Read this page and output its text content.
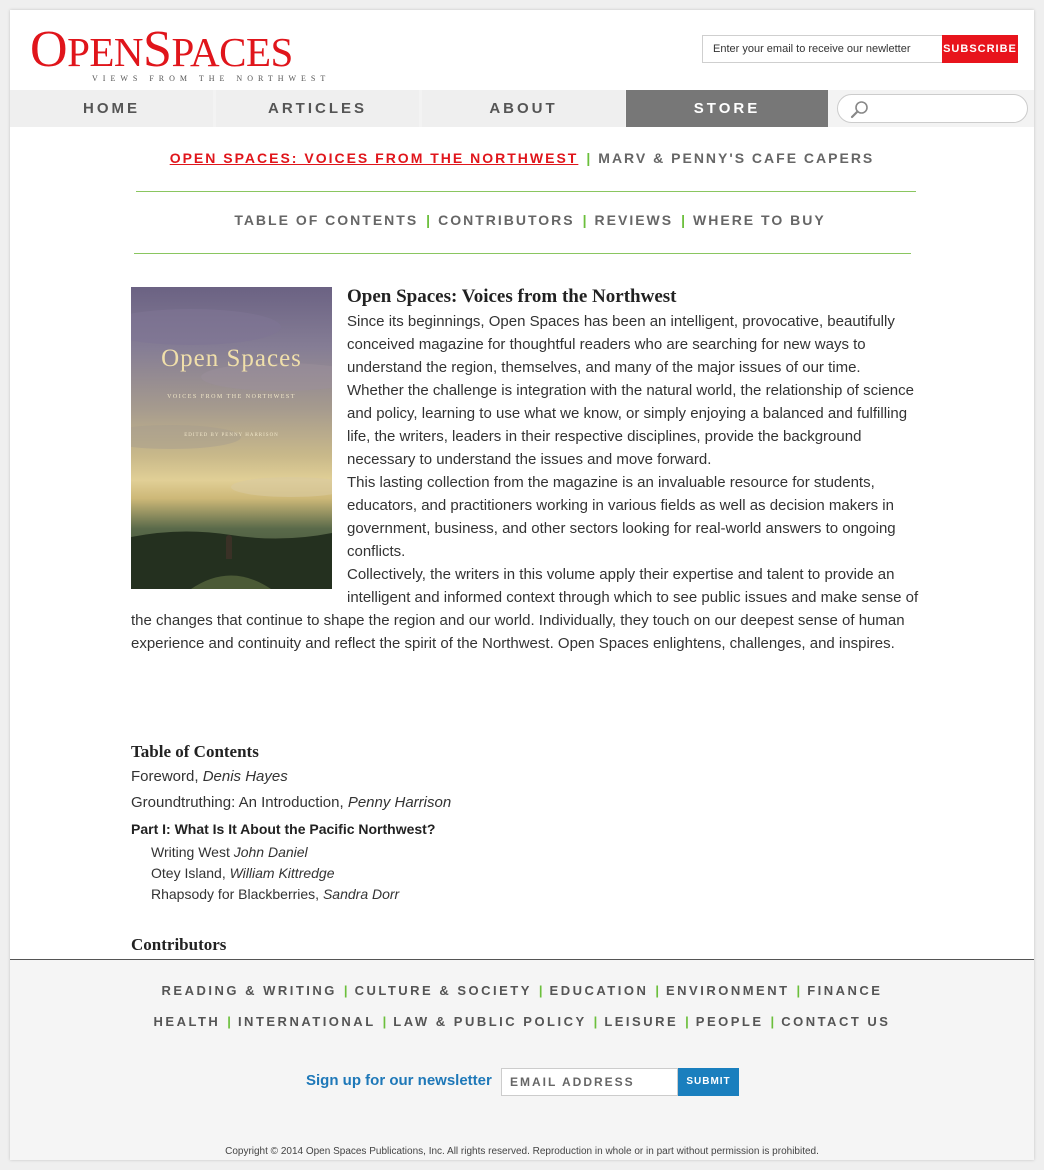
OPENSPACES
VIEWS FROM THE NORTHWEST
Enter your email to receive our newletter	SUBSCRIBE
HOME	ARTICLES	ABOUT	STORE
OPEN SPACES: VOICES FROM THE NORTHWEST | MARV & PENNY'S CAFE CAPERS
TABLE OF CONTENTS | CONTRIBUTORS | REVIEWS | WHERE TO BUY
Open Spaces
VOICES FROM THE NORTHWEST
EDITED BY PENNY HARRISON
Open Spaces: Voices from the Northwest
Since its beginnings, Open Spaces has been an intelligent, provocative, beautifully conceived magazine for thoughtful readers who are searching for new ways to understand the region, themselves, and many of the major issues of our time.
Whether the challenge is integration with the natural world, the relationship of science and policy, learning to use what we know, or simply enjoying a balanced and fulfilling life, the writers, leaders in their respective disciplines, provide the background necessary to understand the issues and move forward.
This lasting collection from the magazine is an invaluable resource for students, educators, and practitioners working in various fields as well as decision makers in government, business, and other sectors looking for real-world answers to ongoing conflicts.
Collectively, the writers in this volume apply their expertise and talent to provide an intelligent and informed context through which to see public issues and make sense of the changes that continue to shape the region and our world. Individually, they touch on our deepest sense of human experience and continuity and reflect the spirit of the Northwest. Open Spaces enlightens, challenges, and inspires.
Table of Contents
Foreword, Denis Hayes
Groundtruthing: An Introduction, Penny Harrison
Part I: What Is It About the Pacific Northwest?
Writing West John Daniel
Otey Island, William Kittredge
Rhapsody for Blackberries, Sandra Dorr
Contributors
READING & WRITING | CULTURE & SOCIETY | EDUCATION | ENVIRONMENT | FINANCE
HEALTH | INTERNATIONAL | LAW & PUBLIC POLICY | LEISURE | PEOPLE | CONTACT US
Sign up for our newsletter	EMAIL ADDRESS	SUBMIT
Copyright © 2014 Open Spaces Publications, Inc. All rights reserved. Reproduction in whole or in part without permission is prohibited.
